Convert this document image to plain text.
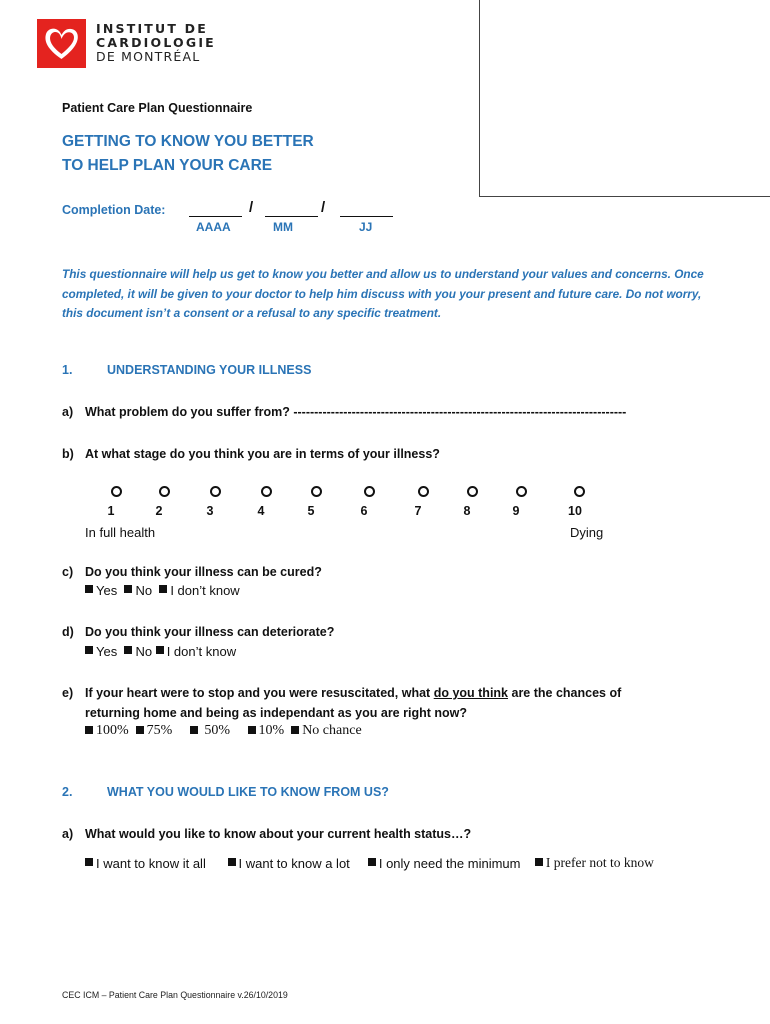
INSTITUT DE
CARDIOLOGIE
DE MONTRÉAL
Patient Care Plan Questionnaire
GETTING TO KNOW YOU BETTER
TO HELP PLAN YOUR CARE
Completion Date:	/	/
AAAA	MM	JJ
This questionnaire will help us get to know you better and allow us to understand your values and concerns. Once completed, it will be given to your doctor to help him discuss with you your present and future care. Do not worry, this document isn’t a consent or a refusal to any specific treatment.
1.	UNDERSTANDING YOUR ILLNESS
a) What problem do you suffer from? --------------------------------------------------------------------------------
b) At what stage do you think you are in terms of your illness?
1	2	3	4	5	6	7	8	9	10
In full health	Dying
c) Do you think your illness can be cured?
Yes
No
I don’t know
d) Do you think your illness can deteriorate?
Yes
No
I don’t know
e) If your heart were to stop and you were resuscitated, what do you think are the chances of
returning home and being as independant as you are right now?
100%
75%

50%
10%
No chance
2.	WHAT YOU WOULD LIKE TO KNOW FROM US?
a) What would you like to know about your current health status…?
I want to know it all
	I want to know a lot
I only need the minimum
I prefer not to know
CEC ICM – Patient Care Plan Questionnaire v.26/10/2019
